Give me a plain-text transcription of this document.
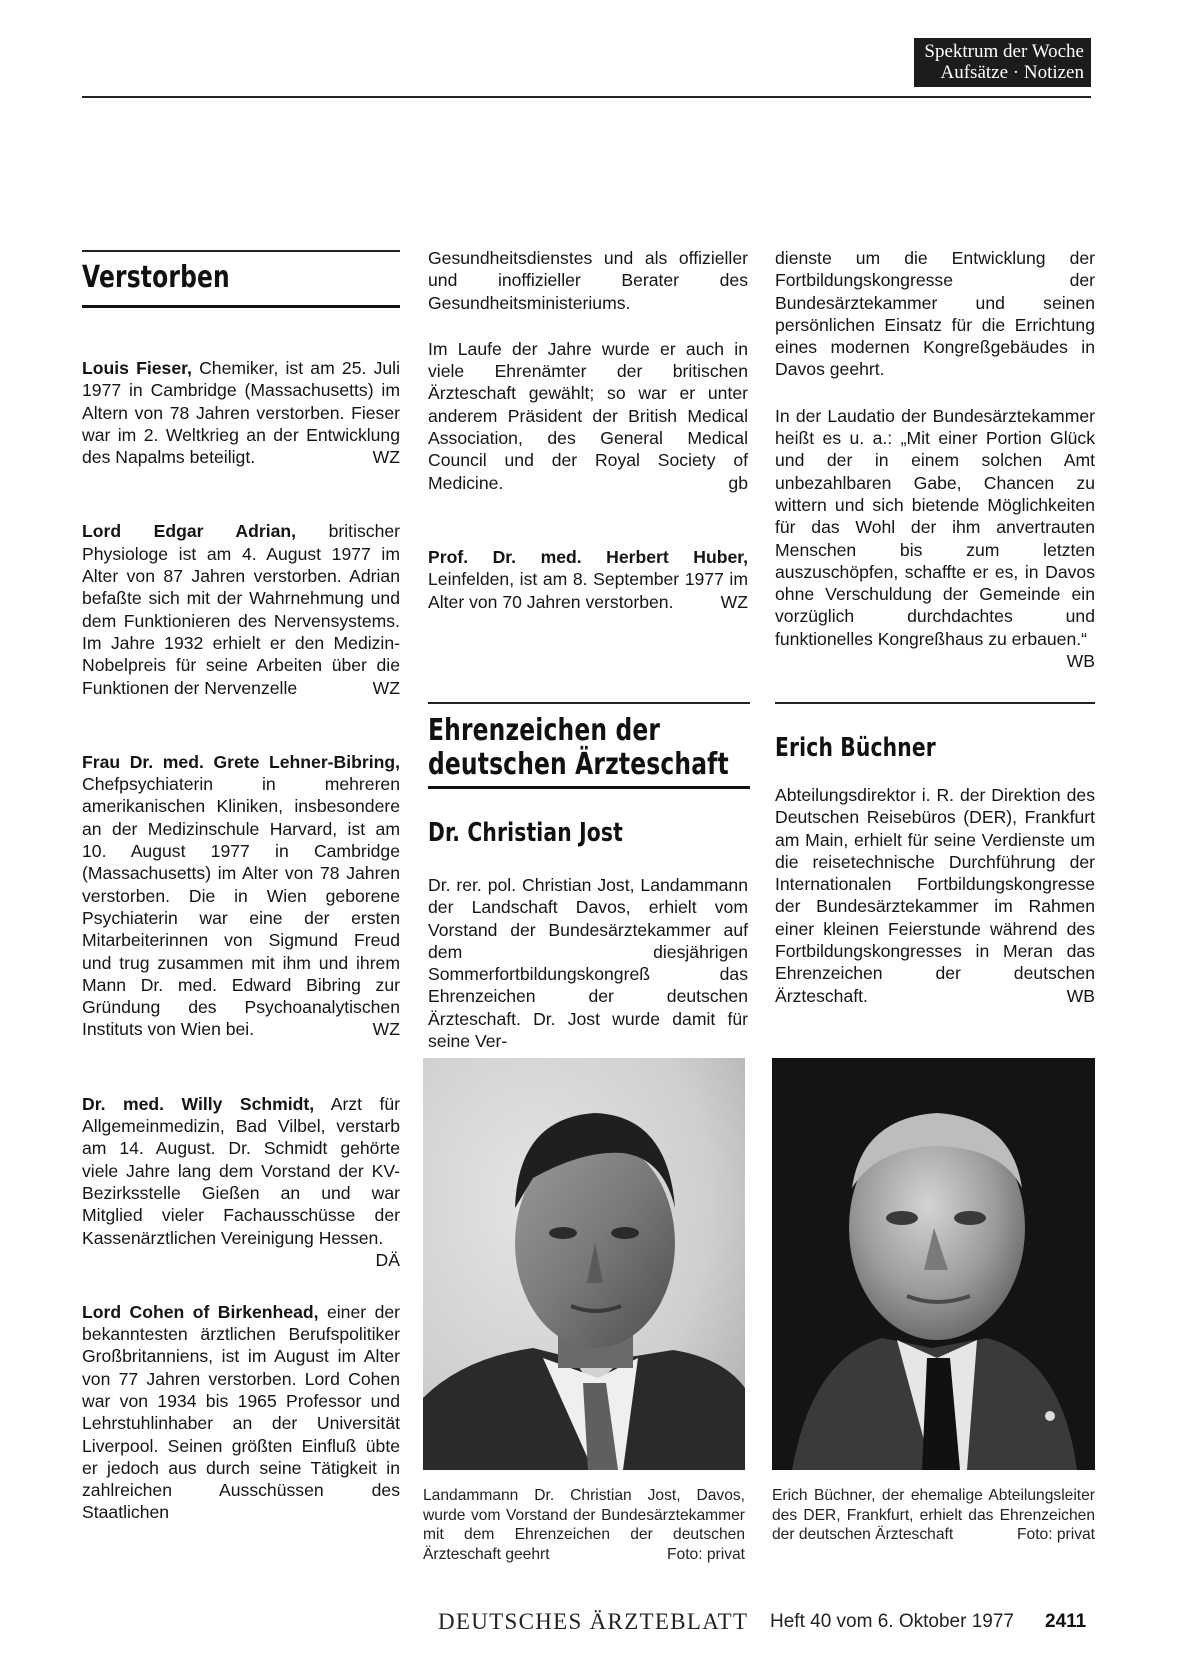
Spektrum der Woche
Aufsätze · Notizen
Verstorben

Louis Fieser, Chemiker, ist am 25. Juli 1977 in Cambridge (Massachusetts) im Altern von 78 Jahren verstorben. Fieser war im 2. Weltkrieg an der Entwicklung des Napalms beteiligt.	WZ

Lord Edgar Adrian, britischer Physiologe ist am 4. August 1977 im Alter von 87 Jahren verstorben. Adrian befaßte sich mit der Wahrnehmung und dem Funktionieren des Nervensystems. Im Jahre 1932 erhielt er den Medizin-Nobelpreis für seine Arbeiten über die Funktionen der Nervenzelle	WZ

Frau Dr. med. Grete Lehner-Bibring, Chefpsychiaterin in mehreren amerikanischen Kliniken, insbesondere an der Medizinschule Harvard, ist am 10. August 1977 in Cambridge (Massachusetts) im Alter von 78 Jahren verstorben. Die in Wien geborene Psychiaterin war eine der ersten Mitarbeiterinnen von Sigmund Freud und trug zusammen mit ihm und ihrem Mann Dr. med. Edward Bibring zur Gründung des Psychoanalytischen Instituts von Wien bei.	WZ

Dr. med. Willy Schmidt, Arzt für Allgemeinmedizin, Bad Vilbel, verstarb am 14. August. Dr. Schmidt gehörte viele Jahre lang dem Vorstand der KV-Bezirksstelle Gießen an und war Mitglied vieler Fachausschüsse der Kassenärztlichen Vereinigung Hessen.
DÄ

Lord Cohen of Birkenhead, einer der bekanntesten ärztlichen Berufspolitiker Großbritanniens, ist im August im Alter von 77 Jahren verstorben. Lord Cohen war von 1934 bis 1965 Professor und Lehrstuhlinhaber an der Universität Liverpool. Seinen größten Einfluß übte er jedoch aus durch seine Tätigkeit in zahlreichen Ausschüssen des Staatlichen

Gesundheitsdienstes und als offizieller und inoffizieller Berater des Gesundheitsministeriums.

Im Laufe der Jahre wurde er auch in viele Ehrenämter der britischen Ärzteschaft gewählt; so war er unter anderem Präsident der British Medical Association, des General Medical Council und der Royal Society of Medicine.	gb

Prof. Dr. med. Herbert Huber, Leinfelden, ist am 8. September 1977 im Alter von 70 Jahren verstorben.	WZ

Ehrenzeichen der
deutschen Ärzteschaft
Dr. Christian Jost

Dr. rer. pol. Christian Jost, Landammann der Landschaft Davos, erhielt vom Vorstand der Bundesärztekammer auf dem diesjährigen Sommerfortbildungskongreß das Ehrenzeichen der deutschen Ärzteschaft. Dr. Jost wurde damit für seine Ver-

Landammann Dr. Christian Jost, Davos, wurde vom Vorstand der Bundesärztekammer mit dem Ehrenzeichen der deutschen Ärzteschaft geehrt	Foto: privat

dienste um die Entwicklung der Fortbildungskongresse der Bundesärztekammer und seinen persönlichen Einsatz für die Errichtung eines modernen Kongreßgebäudes in Davos geehrt.

In der Laudatio der Bundesärztekammer heißt es u. a.: „Mit einer Portion Glück und der in einem solchen Amt unbezahlbaren Gabe, Chancen zu wittern und sich bietende Möglichkeiten für das Wohl der ihm anvertrauten Menschen bis zum letzten auszuschöpfen, schaffte er es, in Davos ohne Verschuldung der Gemeinde ein vorzüglich durchdachtes und funktionelles Kongreßhaus zu erbauen.“
WB

Erich Büchner

Abteilungsdirektor i. R. der Direktion des Deutschen Reisebüros (DER), Frankfurt am Main, erhielt für seine Verdienste um die reisetechnische Durchführung der Internationalen Fortbildungskongresse der Bundesärztekammer im Rahmen einer kleinen Feierstunde während des Fortbildungskongresses in Meran das Ehrenzeichen der deutschen Ärzteschaft.	WB

Erich Büchner, der ehemalige Abteilungsleiter des DER, Frankfurt, erhielt das Ehrenzeichen der deutschen Ärzteschaft	Foto: privat

DEUTSCHES ÄRZTEBLATT Heft 40 vom 6. Oktober 1977 2411
